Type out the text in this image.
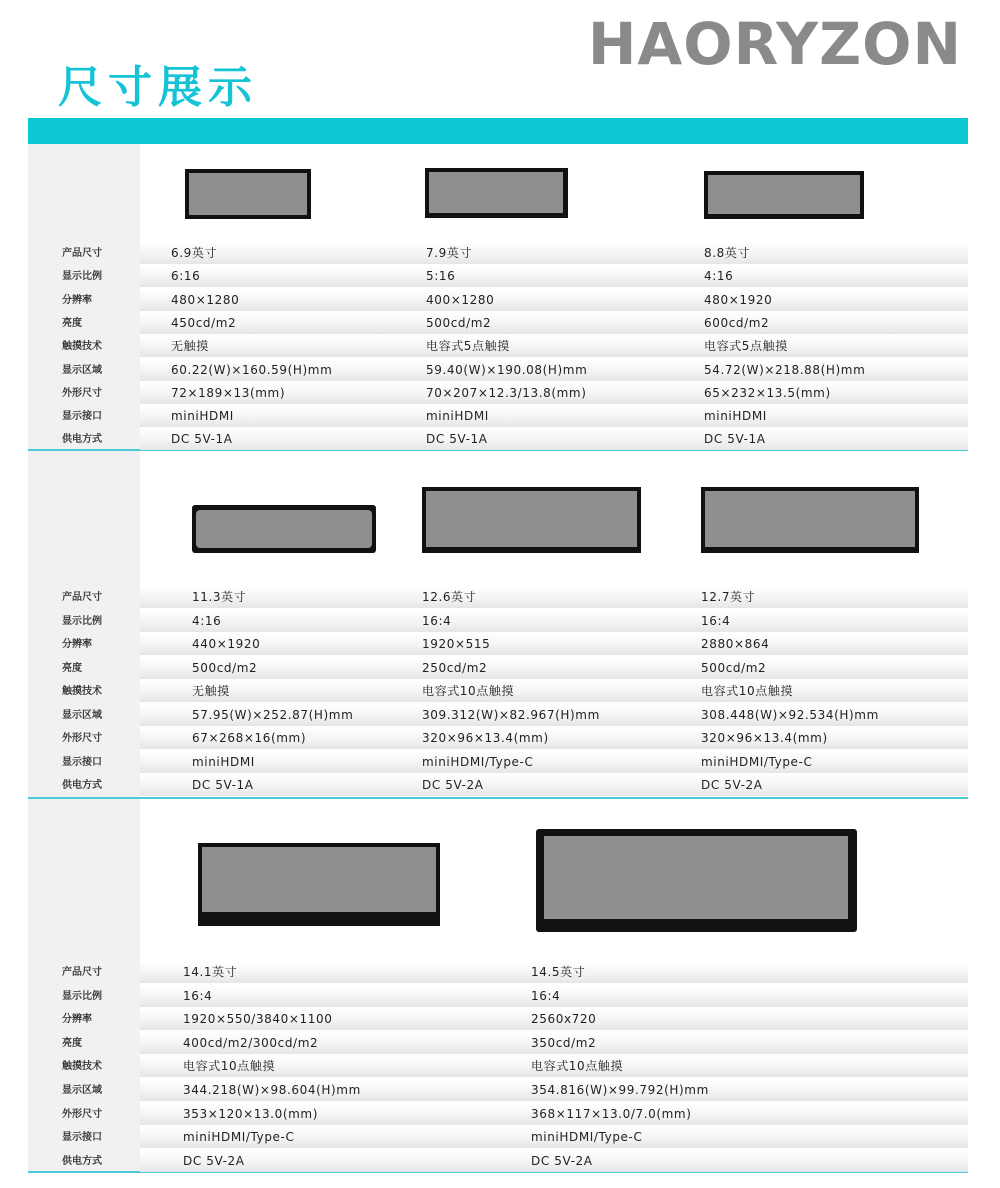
HAORYZON
尺寸展示
产品尺寸	6.9英寸	7.9英寸	8.8英寸
显示比例	6:16	5:16	4:16
分辨率	480×1280	400×1280	480×1920
亮度	450cd/m2	500cd/m2	600cd/m2
触摸技术	无触摸	电容式5点触摸	电容式5点触摸
显示区域	60.22(W)×160.59(H)mm	59.40(W)×190.08(H)mm	54.72(W)×218.88(H)mm
外形尺寸	72×189×13(mm)	70×207×12.3/13.8(mm)	65×232×13.5(mm)
显示接口	miniHDMI	miniHDMI	miniHDMI
供电方式	DC 5V-1A	DC 5V-1A	DC 5V-1A
产品尺寸	11.3英寸	12.6英寸	12.7英寸
显示比例	4:16	16:4	16:4
分辨率	440×1920	1920×515	2880×864
亮度	500cd/m2	250cd/m2	500cd/m2
触摸技术	无触摸	电容式10点触摸	电容式10点触摸
显示区域	57.95(W)×252.87(H)mm	309.312(W)×82.967(H)mm	308.448(W)×92.534(H)mm
外形尺寸	67×268×16(mm)	320×96×13.4(mm)	320×96×13.4(mm)
显示接口	miniHDMI	miniHDMI/Type-C	miniHDMI/Type-C
供电方式	DC 5V-1A	DC 5V-2A	DC 5V-2A
产品尺寸	14.1英寸	14.5英寸
显示比例	16:4	16:4
分辨率	1920×550/3840×1100	2560x720
亮度	400cd/m2/300cd/m2	350cd/m2
触摸技术	电容式10点触摸	电容式10点触摸
显示区域	344.218(W)×98.604(H)mm	354.816(W)×99.792(H)mm
外形尺寸	353×120×13.0(mm)	368×117×13.0/7.0(mm)
显示接口	miniHDMI/Type-C	miniHDMI/Type-C
供电方式	DC 5V-2A	DC 5V-2A
